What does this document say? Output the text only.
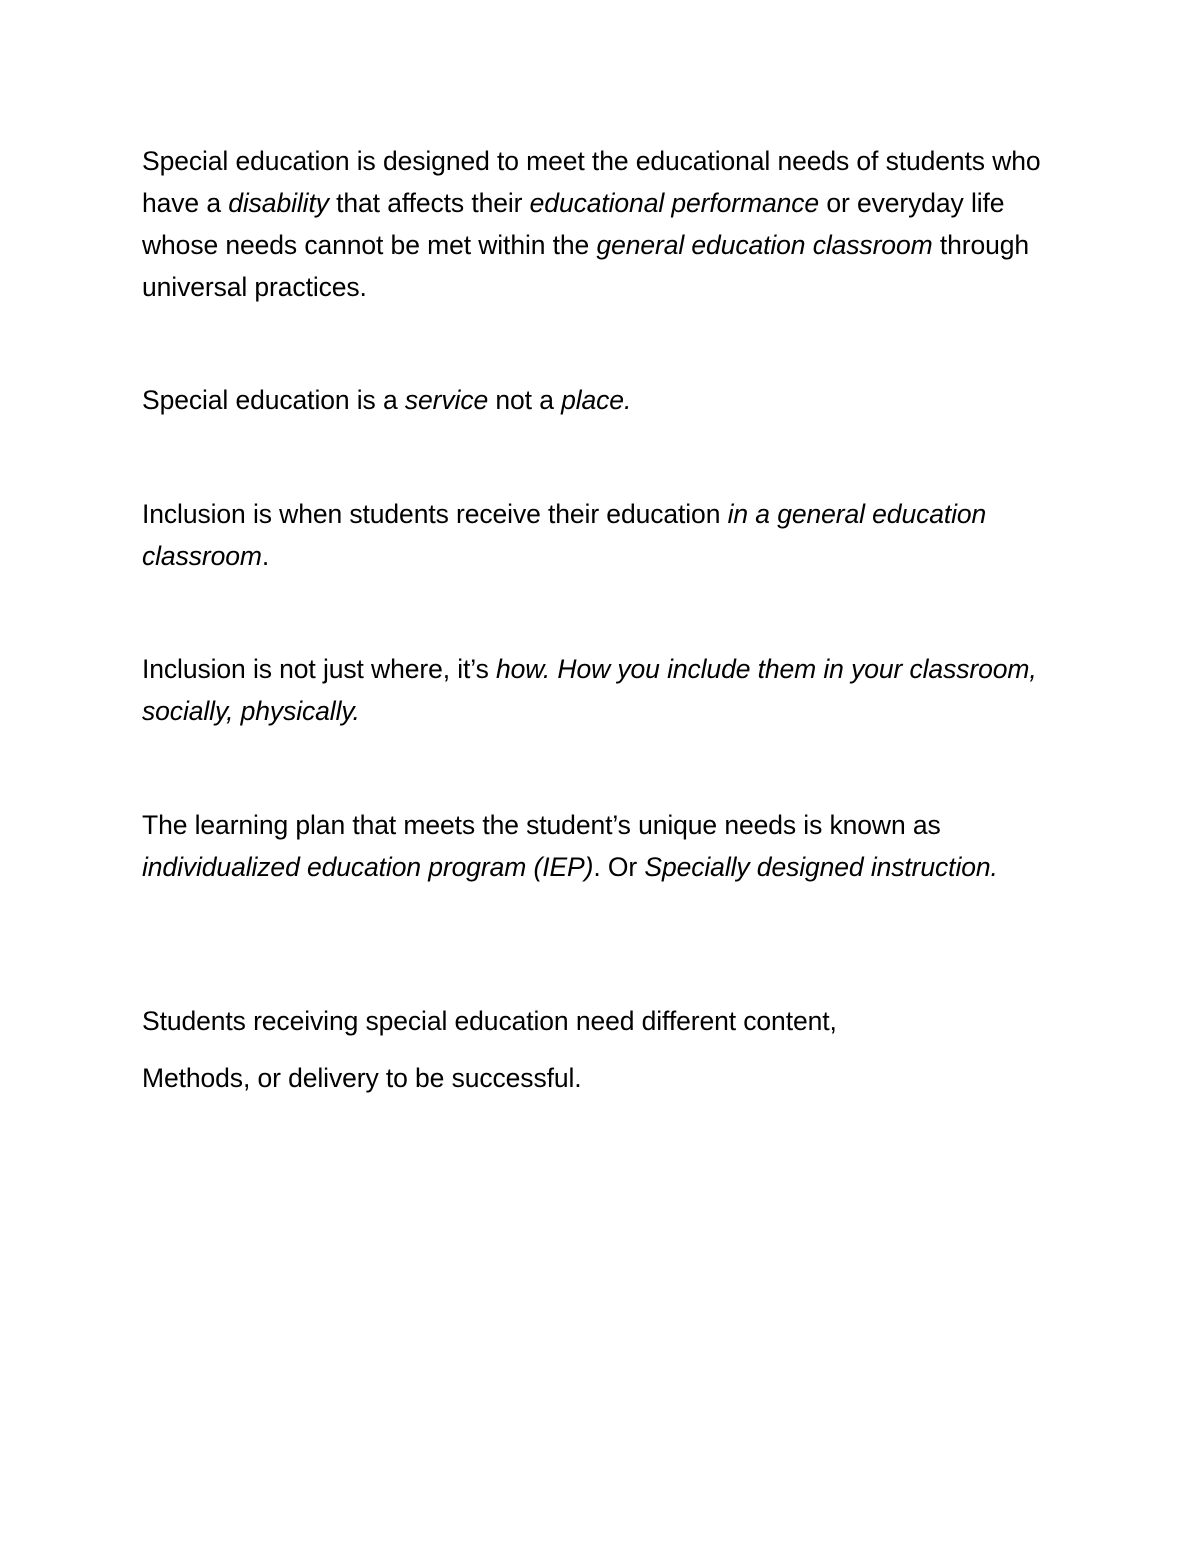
Special education is designed to meet the educational needs of students who have a disability that affects their educational performance or everyday life whose needs cannot be met within the general education classroom through universal practices.

Special education is a service not a place.

Inclusion is when students receive their education in a general education classroom.

Inclusion is not just where, it’s how. How you include them in your classroom, socially, physically.

The learning plan that meets the student’s unique needs is known as individualized education program (IEP). Or Specially designed instruction.

Students receiving special education need different content,

Methods, or delivery to be successful.
